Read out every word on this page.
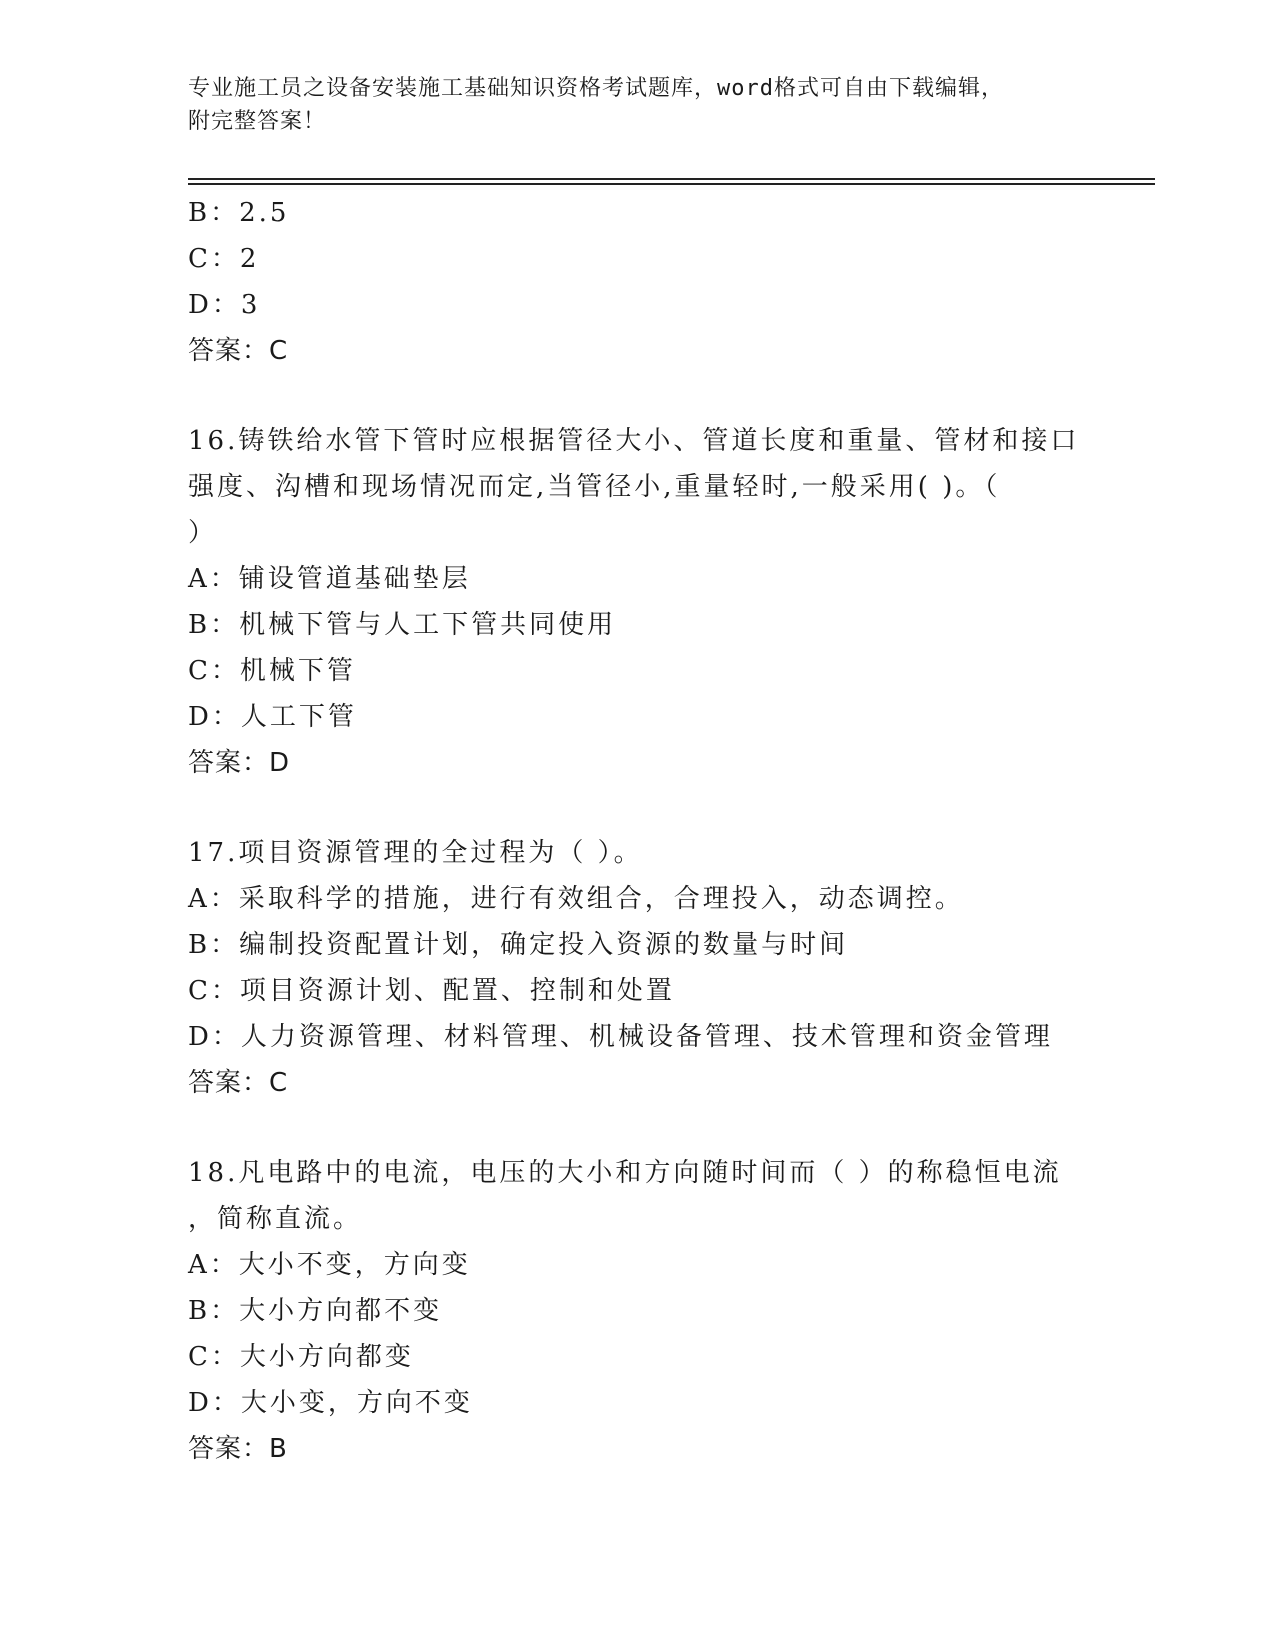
专业施工员之设备安装施工基础知识资格考试题库，word格式可自由下载编辑，
附完整答案！
B：2.5
C：2
D：3
答案：C
16.铸铁给水管下管时应根据管径大小、管道长度和重量、管材和接口
强度、沟槽和现场情况而定,当管径小,重量轻时,一般采用( )。（
）
A：铺设管道基础垫层
B：机械下管与人工下管共同使用
C：机械下管
D：人工下管
答案：D
17.项目资源管理的全过程为（ ）。
A：采取科学的措施，进行有效组合，合理投入，动态调控。
B：编制投资配置计划，确定投入资源的数量与时间
C：项目资源计划、配置、控制和处置
D：人力资源管理、材料管理、机械设备管理、技术管理和资金管理
答案：C
18.凡电路中的电流，电压的大小和方向随时间而（ ）的称稳恒电流
，简称直流。
A：大小不变，方向变
B：大小方向都不变
C：大小方向都变
D：大小变，方向不变
答案：B
